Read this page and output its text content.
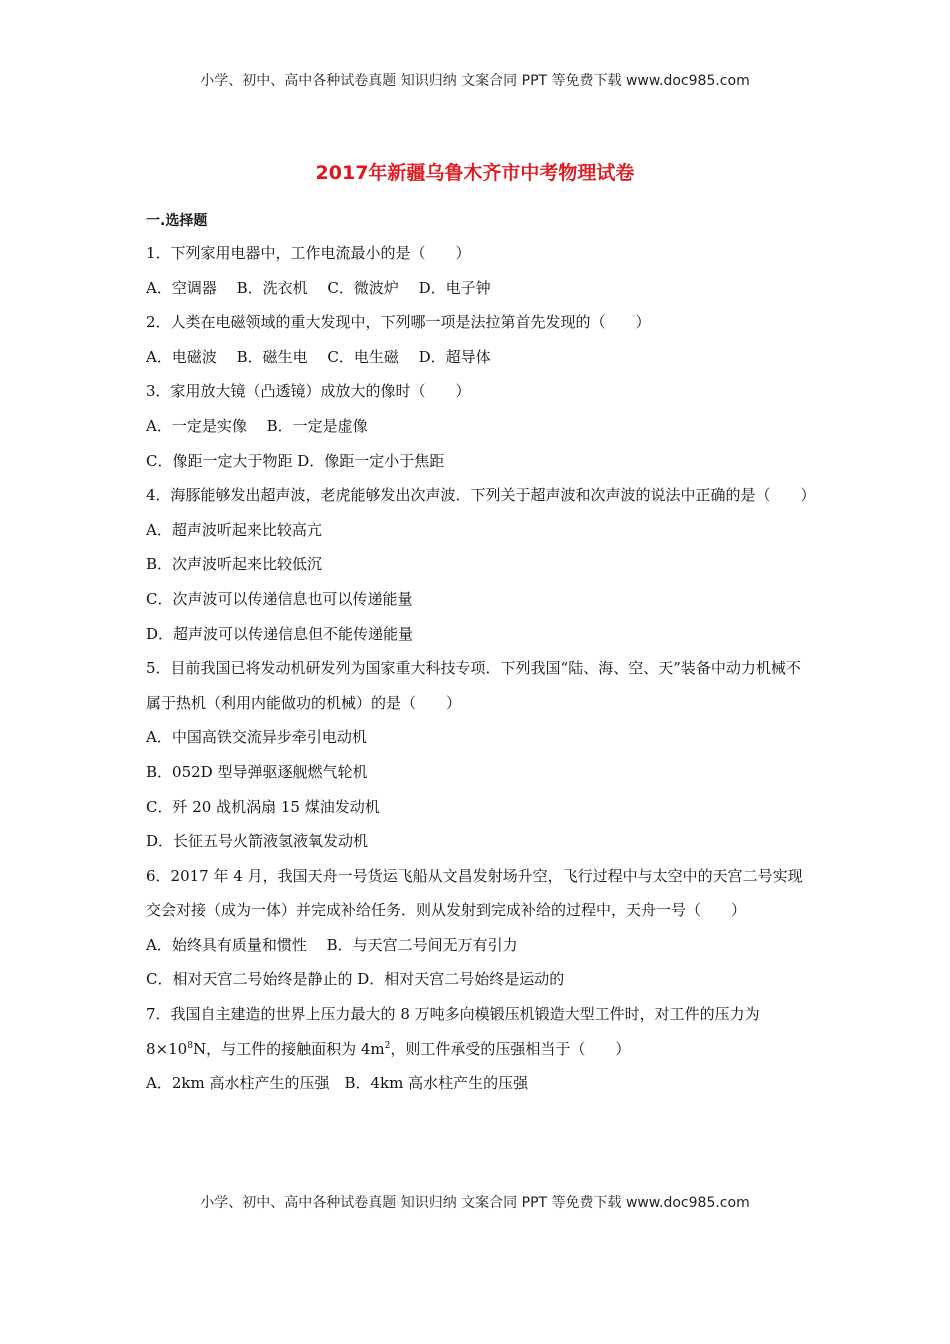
小学、初中、高中各种试卷真题 知识归纳 文案合同 PPT 等免费下载 www.doc985.com
2017年新疆乌鲁木齐市中考物理试卷
一.选择题

1．下列家用电器中，工作电流最小的是（　　）

A．空调器　 B．洗衣机　 C．微波炉　 D．电子钟

2．人类在电磁领域的重大发现中，下列哪一项是法拉第首先发现的（　　）

A．电磁波　 B．磁生电　 C．电生磁　 D．超导体

3．家用放大镜（凸透镜）成放大的像时（　　）

A．一定是实像　 B．一定是虚像

C．像距一定大于物距 D．像距一定小于焦距

4．海豚能够发出超声波，老虎能够发出次声波．下列关于超声波和次声波的说法中正确的是（　　）

A．超声波听起来比较高亢

B．次声波听起来比较低沉

C．次声波可以传递信息也可以传递能量

D．超声波可以传递信息但不能传递能量

5．目前我国已将发动机研发列为国家重大科技专项．下列我国“陆、海、空、天”装备中动力机械不属于热机（利用内能做功的机械）的是（　　）

A．中国高铁交流异步牵引电动机

B．052D 型导弹驱逐舰燃气轮机

C．歼 20 战机涡扇 15 煤油发动机

D．长征五号火箭液氢液氧发动机

6．2017 年 4 月，我国天舟一号货运飞船从文昌发射场升空，飞行过程中与太空中的天宫二号实现交会对接（成为一体）并完成补给任务．则从发射到完成补给的过程中，天舟一号（　　）

A．始终具有质量和惯性　 B．与天宫二号间无万有引力

C．相对天宫二号始终是静止的 D．相对天宫二号始终是运动的

7．我国自主建造的世界上压力最大的 8 万吨多向模锻压机锻造大型工件时，对工件的压力为 $8\times 10^8N$，与工件的接触面积为 $4m^2$，则工件承受的压强相当于（　　）

A．2km 高水柱产生的压强　B．4km 高水柱产生的压强

小学、初中、高中各种试卷真题 知识归纳 文案合同 PPT 等免费下载 www.doc985.com
